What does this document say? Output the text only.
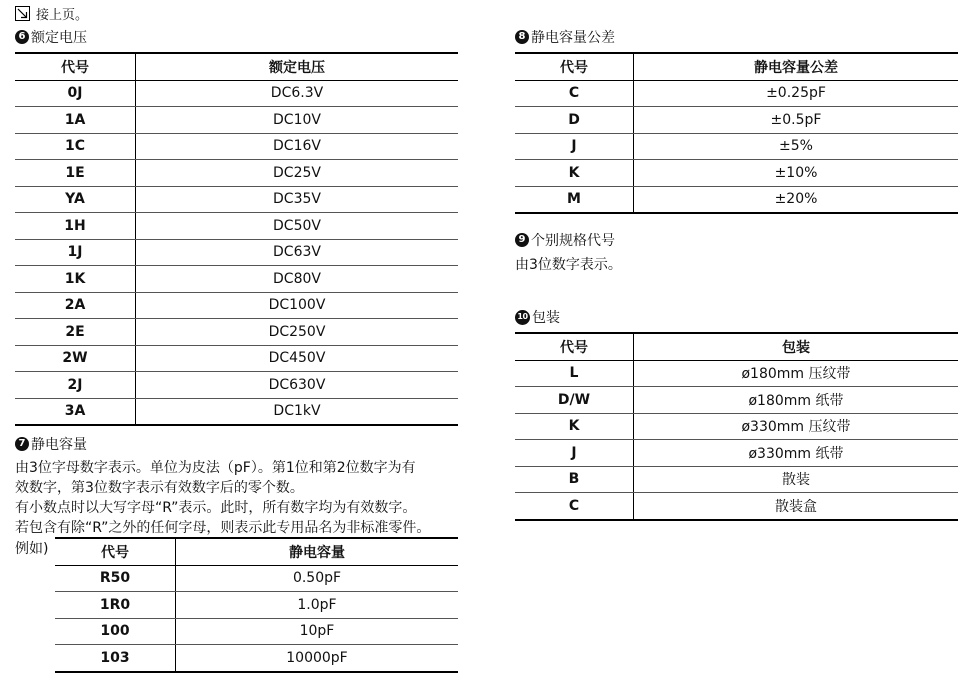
接上页。
6 额定电压
代号	额定电压
0J	DC6.3V
1A	DC10V
1C	DC16V
1E	DC25V
YA	DC35V
1H	DC50V
1J	DC63V
1K	DC80V
2A	DC100V
2E	DC250V
2W	DC450V
2J	DC630V
3A	DC1kV
7 静电容量
由3位字母数字表示。单位为皮法（pF）。第1位和第2位数字为有
效数字，第3位数字表示有效数字后的零个数。
有小数点时以大写字母“R”表示。此时，所有数字均为有效数字。
若包含有除“R”之外的任何字母，则表示此专用品名为非标准零件。
例如)	代号	静电容量
R50	0.50pF
1R0	1.0pF
100	10pF
103	10000pF
8 静电容量公差
代号	静电容量公差
C	±0.25pF
D	±0.5pF
J	±5%
K	±10%
M	±20%
9 个别规格代号
由3位数字表示。
10 包装
代号	包装
L	ø180mm 压纹带
D/W	ø180mm 纸带
K	ø330mm 压纹带
J	ø330mm 纸带
B	散装
C	散装盒
